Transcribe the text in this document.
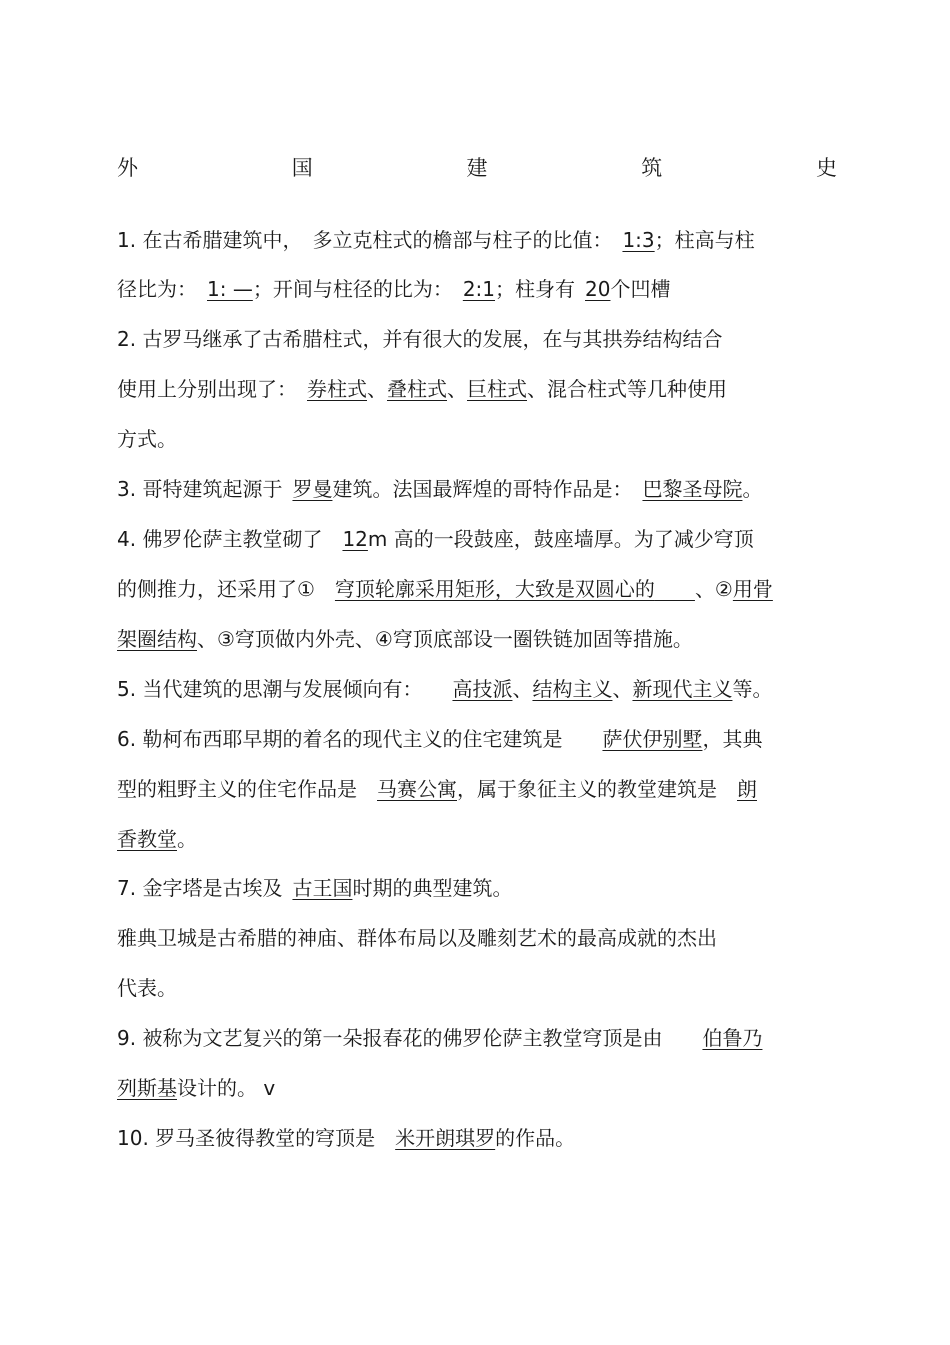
外	国	建	筑	史
1. 在古希腊建筑中，　多立克柱式的檐部与柱子的比值：　1:3；柱高与柱
径比为：　 1: —；开间与柱径的比为：　2:1；柱身有  20个凹槽
2. 古罗马继承了古希腊柱式，并有很大的发展，在与其拱券结构结合
使用上分别出现了：　券柱式、叠柱式、巨柱式、混合柱式等几种使用
方式。
3. 哥特建筑起源于  罗曼建筑。法国最辉煌的哥特作品是：　巴黎圣母院。
4. 佛罗伦萨主教堂砌了　12m 高的一段鼓座，鼓座墙厚。为了减少穹顶
的侧推力，还采用了①　 穹顶轮廓采用矩形，大致是双圆心的　　 、②用骨
架圈结构、③穹顶做内外壳、④穹顶底部设一圈铁链加固等措施。
5. 当代建筑的思潮与发展倾向有：　　高技派、结构主义、新现代主义等。
6. 勒柯布西耶早期的着名的现代主义的住宅建筑是　　萨伏伊别墅，其典
型的粗野主义的住宅作品是　 马赛公寓，属于象征主义的教堂建筑是　 朗
香教堂。
7. 金字塔是古埃及  古王国时期的典型建筑。
雅典卫城是古希腊的神庙、群体布局以及雕刻艺术的最高成就的杰出
代表。
9. 被称为文艺复兴的第一朵报春花的佛罗伦萨主教堂穹顶是由　　 伯鲁乃
列斯基设计的。 v
10. 罗马圣彼得教堂的穹顶是　 米开朗琪罗的作品。
